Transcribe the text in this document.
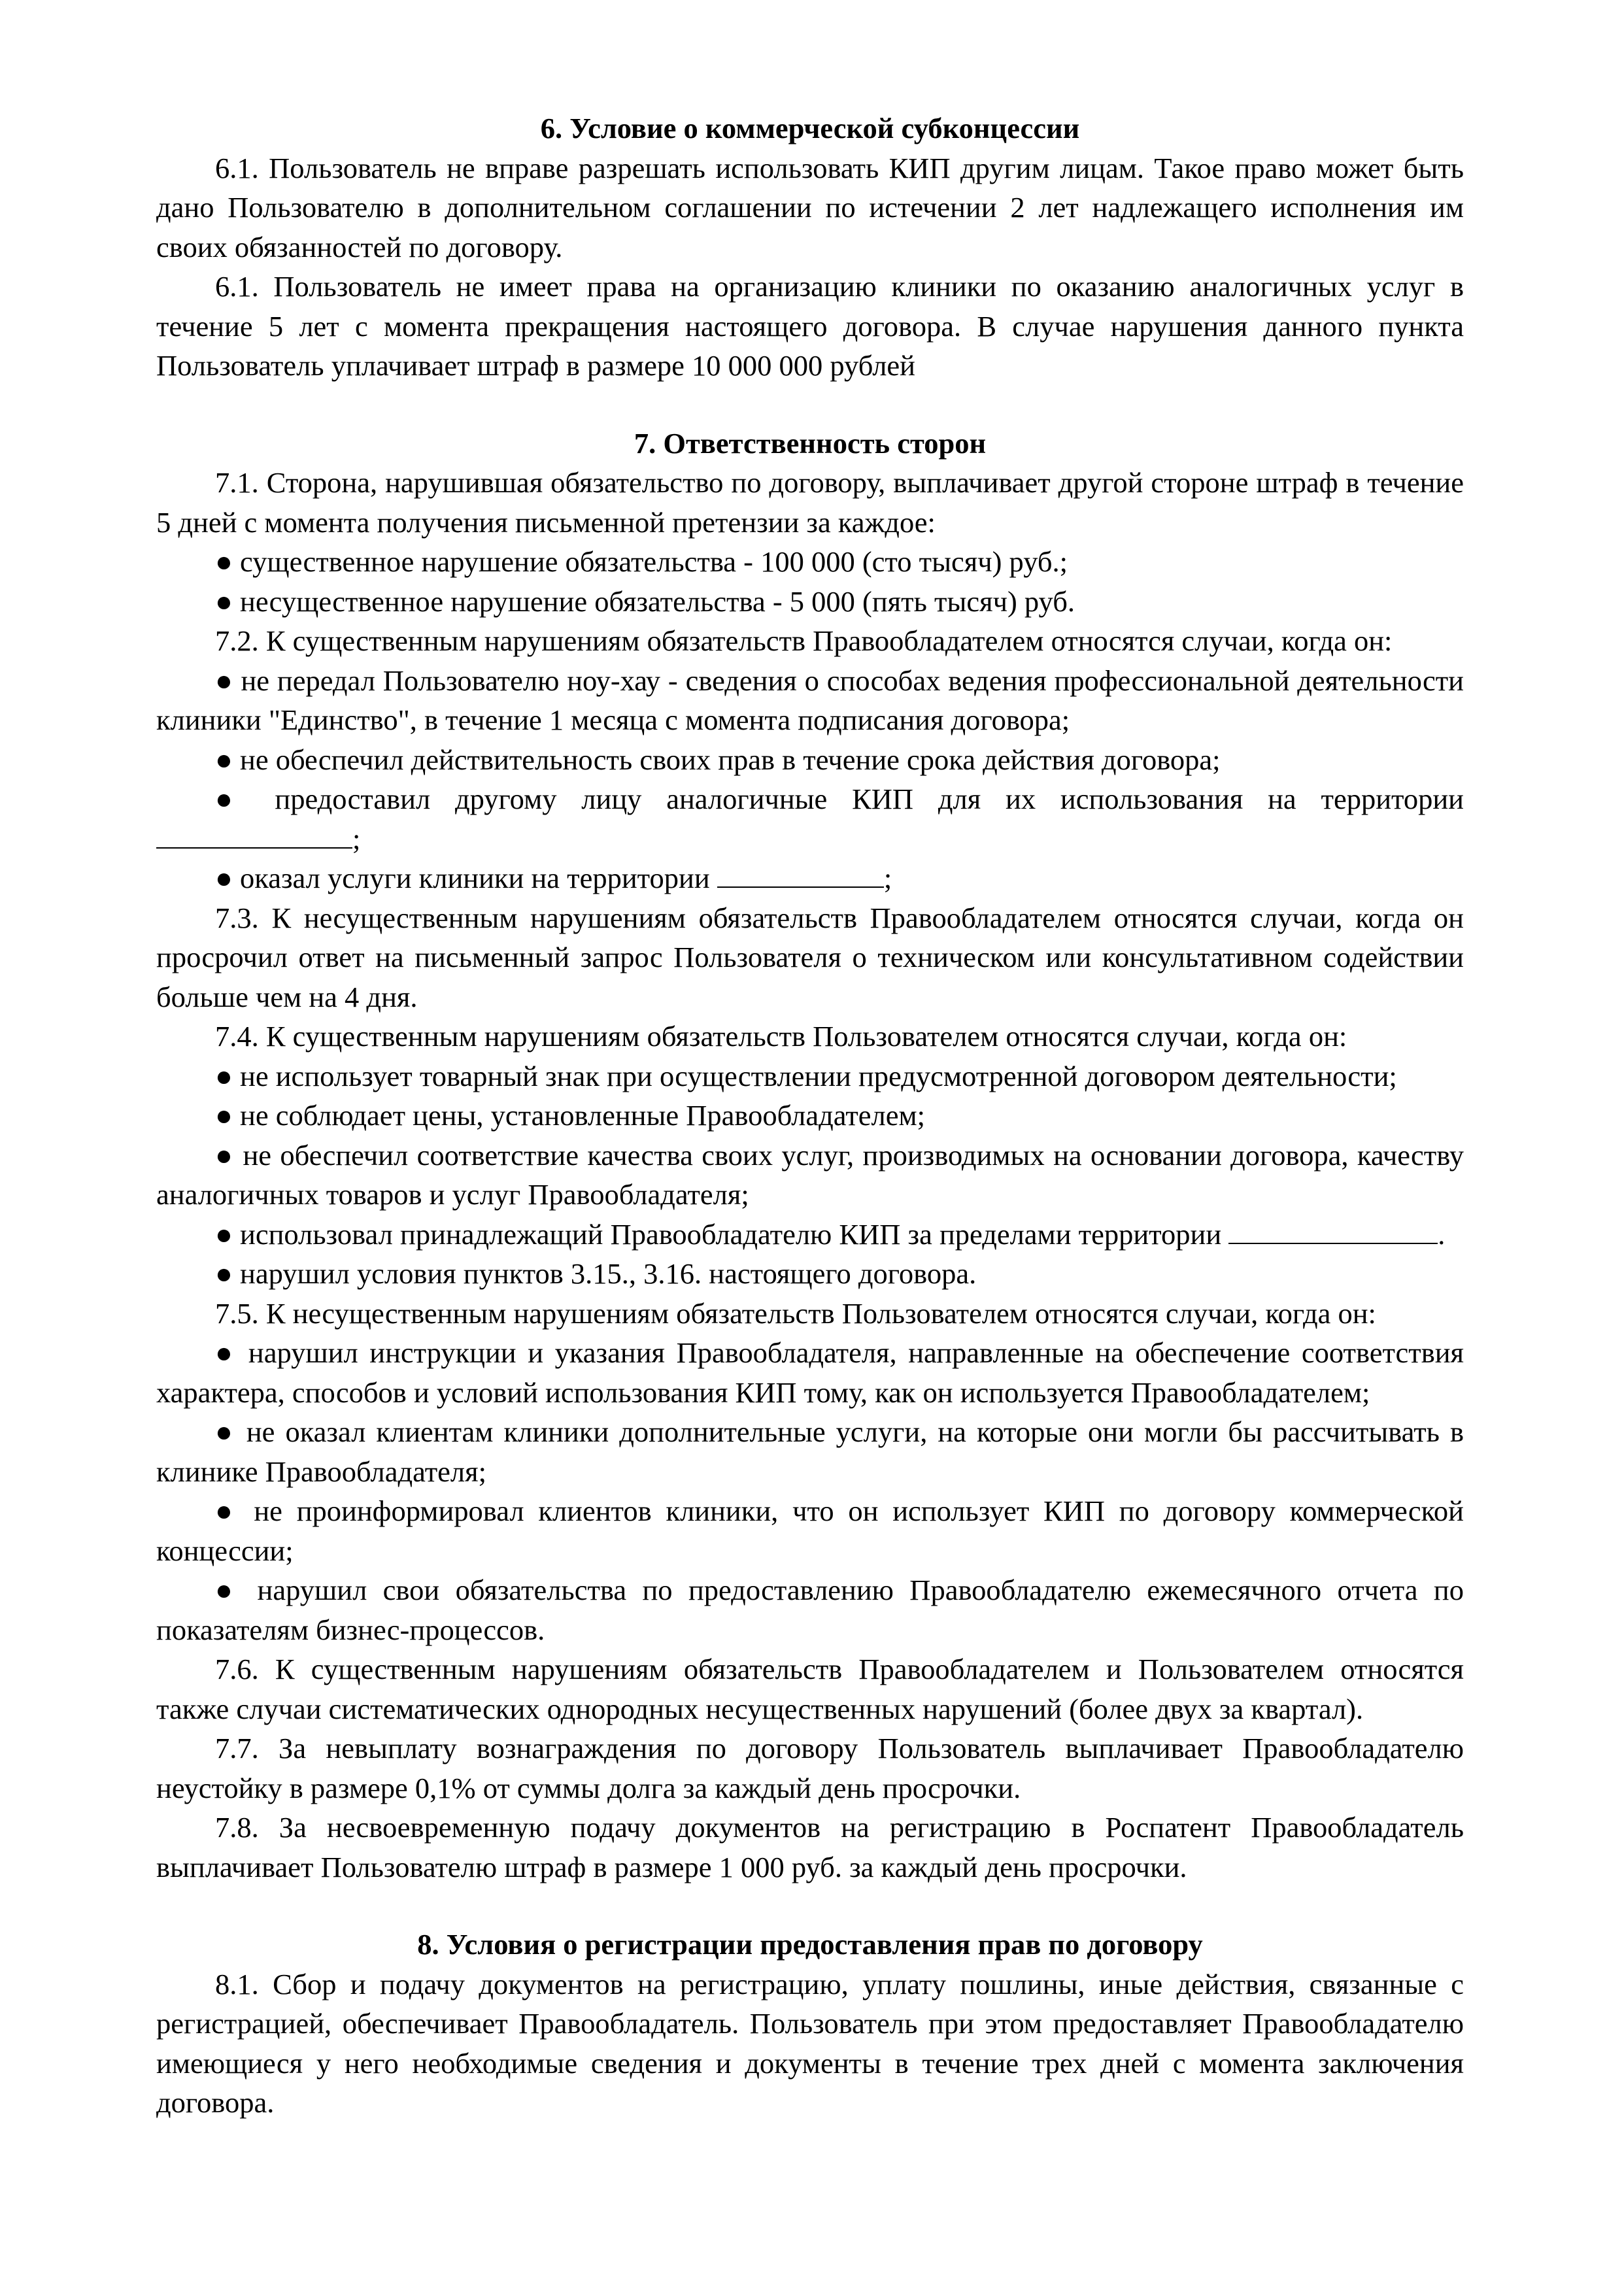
6. Условие о коммерческой субконцессии

6.1. Пользователь не вправе разрешать использовать КИП другим лицам. Такое право может быть дано Пользователю в дополнительном соглашении по истечении 2 лет надлежащего исполнения им своих обязанностей по договору.

6.1. Пользователь не имеет права на организацию клиники по оказанию аналогичных услуг в течение 5 лет с момента прекращения настоящего договора. В случае нарушения данного пункта Пользователь уплачивает штраф в размере 10 000 000 рублей

7. Ответственность сторон

7.1. Сторона, нарушившая обязательство по договору, выплачивает другой стороне штраф в течение 5 дней с момента получения письменной претензии за каждое:

● существенное нарушение обязательства - 100 000 (сто тысяч) руб.;

● несущественное нарушение обязательства - 5 000 (пять тысяч) руб.

7.2. К существенным нарушениям обязательств Правообладателем относятся случаи, когда он:

● не передал Пользователю ноу-хау - сведения о способах ведения профессиональной деятельности клиники "Единство", в течение 1 месяца с момента подписания договора;

● не обеспечил действительность своих прав в течение срока действия договора;

● предоставил другому лицу аналогичные КИП для их использования на территории ;

● оказал услуги клиники на территории	;

7.3. К несущественным нарушениям обязательств Правообладателем относятся случаи, когда он просрочил ответ на письменный запрос Пользователя о техническом или консультативном содействии больше чем на 4 дня.

7.4. К существенным нарушениям обязательств Пользователем относятся случаи, когда он:

● не использует товарный знак при осуществлении предусмотренной договором деятельности;

● не соблюдает цены, установленные Правообладателем;

● не обеспечил соответствие качества своих услуг, производимых на основании договора, качеству аналогичных товаров и услуг Правообладателя;

● использовал принадлежащий Правообладателю КИП за пределами территории	.

● нарушил условия пунктов 3.15., 3.16. настоящего договора.

7.5. К несущественным нарушениям обязательств Пользователем относятся случаи, когда он:

● нарушил инструкции и указания Правообладателя, направленные на обеспечение соответствия характера, способов и условий использования КИП тому, как он используется Правообладателем;

● не оказал клиентам клиники дополнительные услуги, на которые они могли бы рассчитывать в клинике Правообладателя;

● не проинформировал клиентов клиники, что он использует КИП по договору коммерческой концессии;

● нарушил свои обязательства по предоставлению Правообладателю ежемесячного отчета по показателям бизнес-процессов.

7.6. К существенным нарушениям обязательств Правообладателем и Пользователем относятся также случаи систематических однородных несущественных нарушений (более двух за квартал).

7.7. За невыплату вознаграждения по договору Пользователь выплачивает Правообладателю неустойку в размере 0,1% от суммы долга за каждый день просрочки.

7.8. За несвоевременную подачу документов на регистрацию в Роспатент Правообладатель выплачивает Пользователю штраф в размере 1 000 руб. за каждый день просрочки.

8. Условия о регистрации предоставления прав по договору

8.1. Сбор и подачу документов на регистрацию, уплату пошлины, иные действия, связанные с регистрацией, обеспечивает Правообладатель. Пользователь при этом предоставляет Правообладателю имеющиеся у него необходимые сведения и документы в течение трех дней с момента заключения договора.
